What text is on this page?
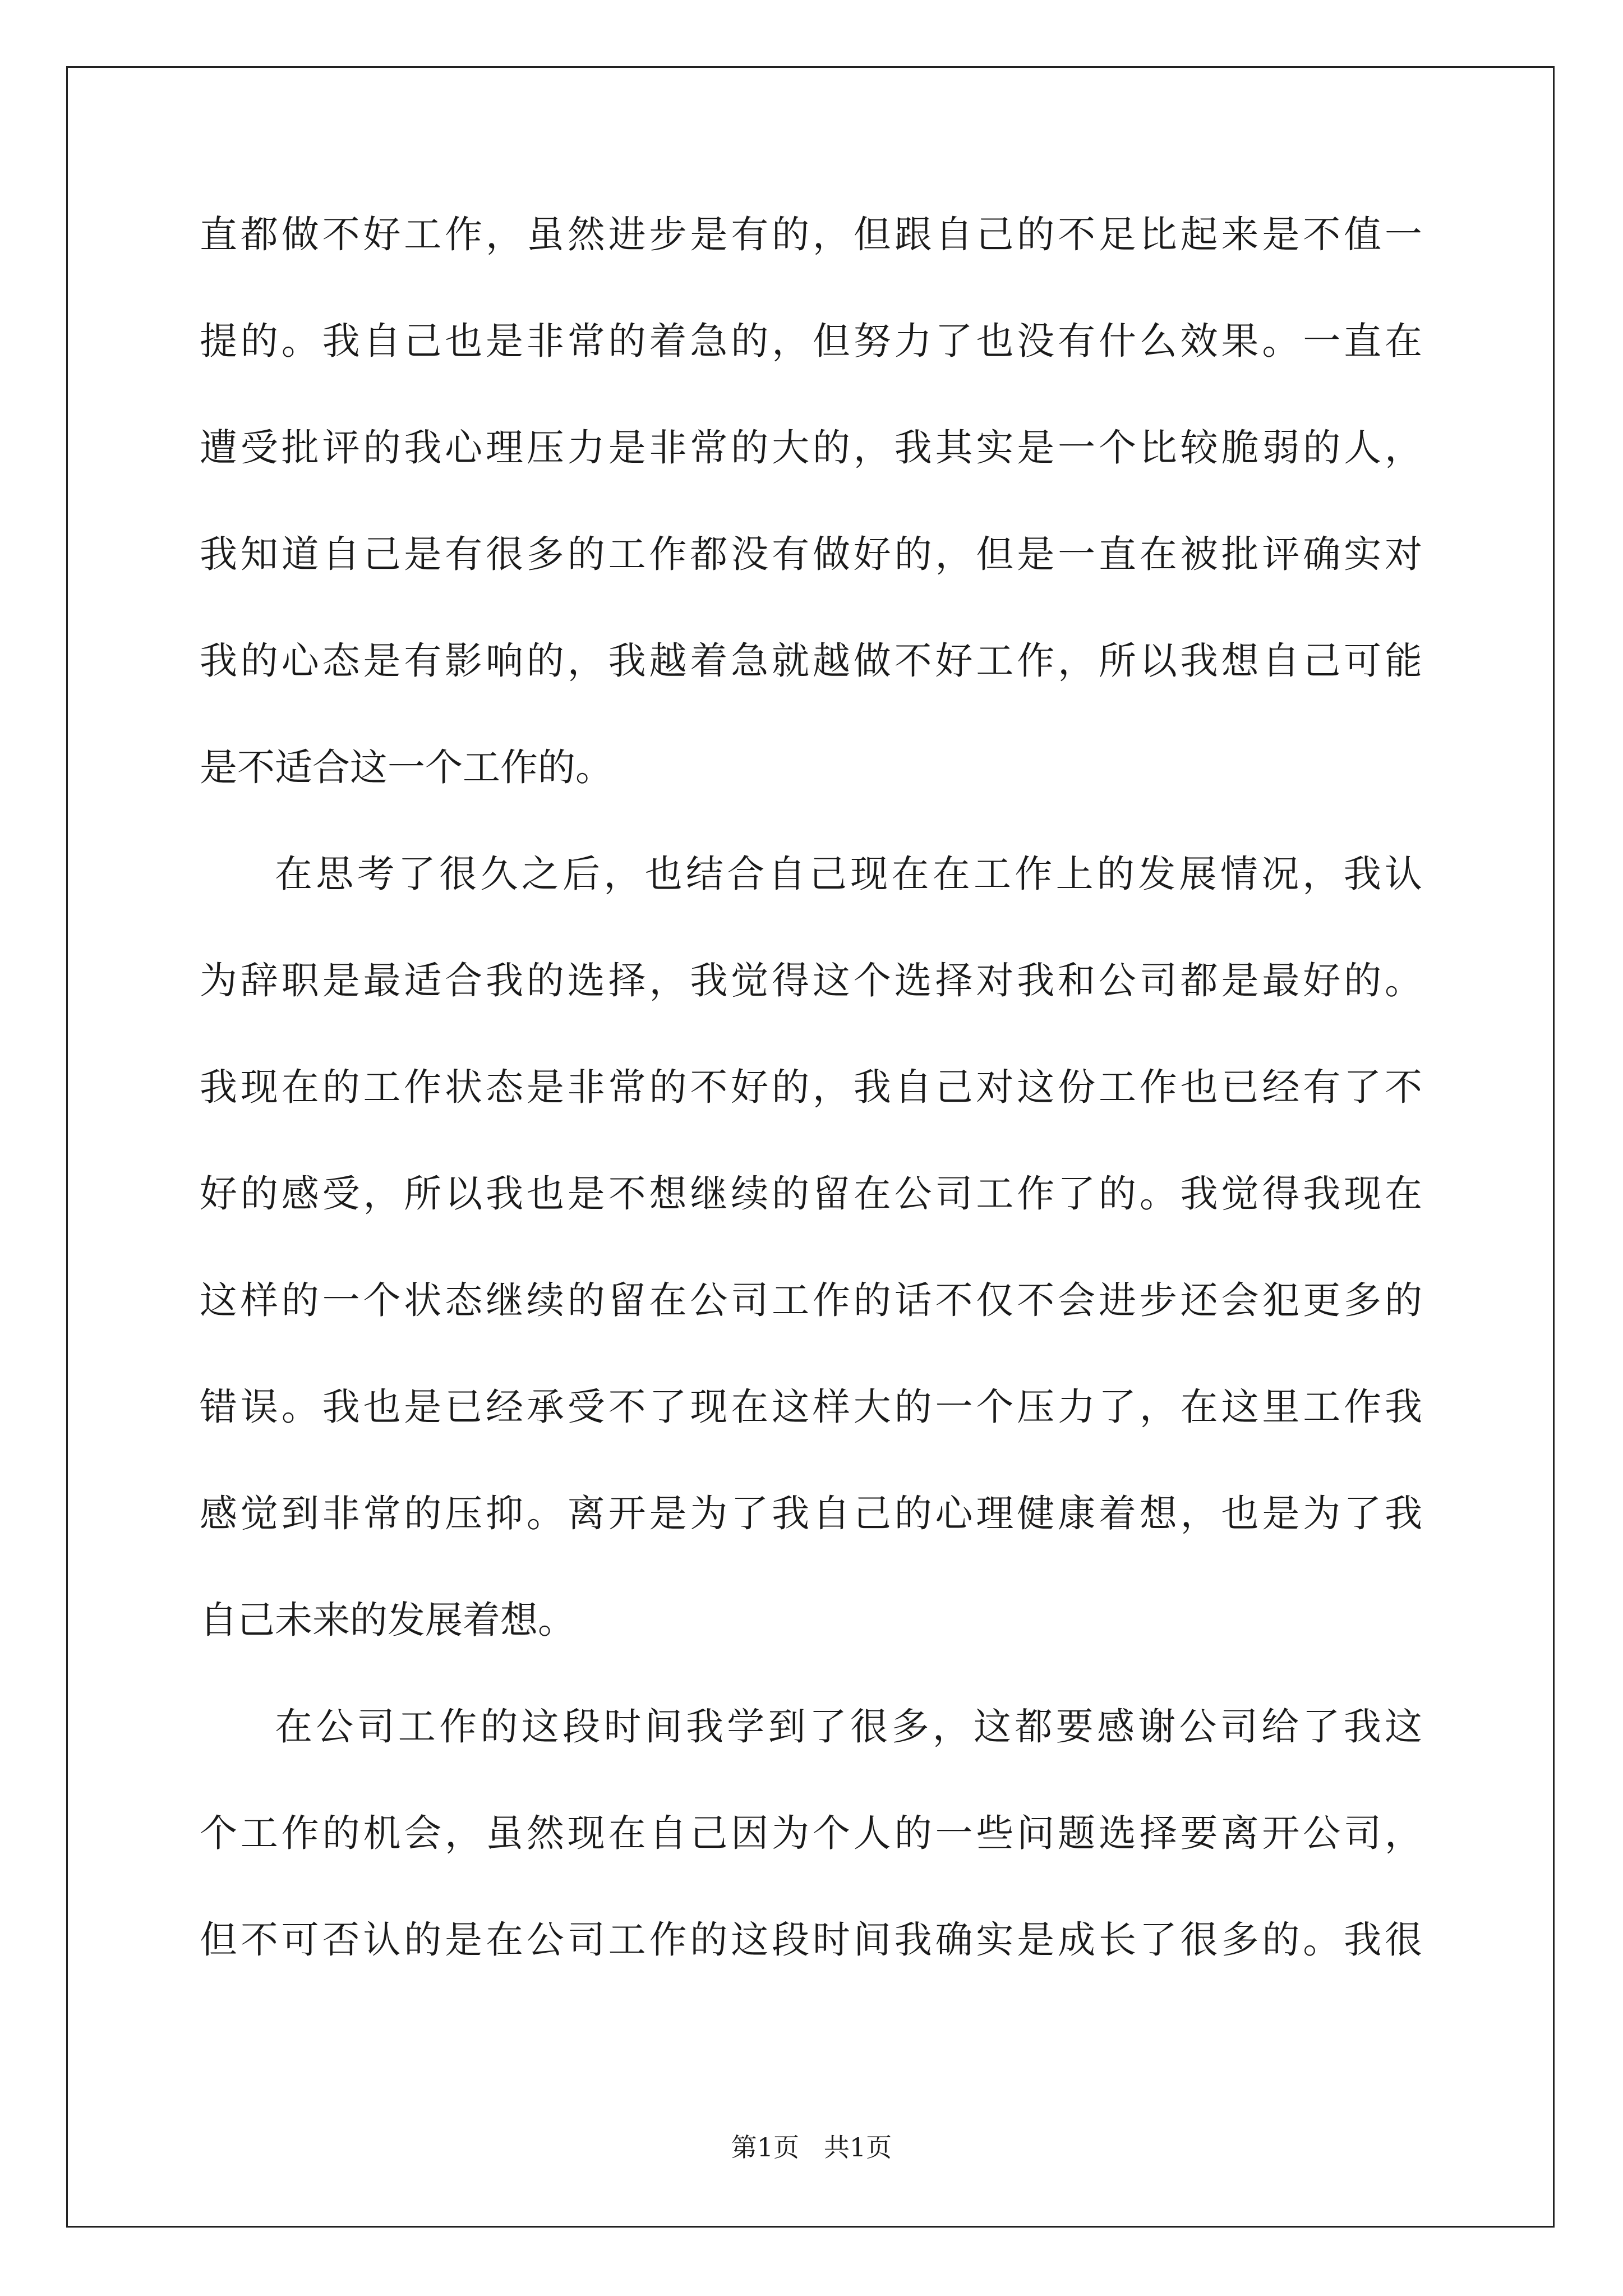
直都做不好工作，虽然进步是有的，但跟自己的不足比起来是不值一
提的。我自己也是非常的着急的，但努力了也没有什么效果。一直在
遭受批评的我心理压力是非常的大的，我其实是一个比较脆弱的人，
我知道自己是有很多的工作都没有做好的，但是一直在被批评确实对
我的心态是有影响的，我越着急就越做不好工作，所以我想自己可能
是不适合这一个工作的。
在思考了很久之后，也结合自己现在在工作上的发展情况，我认
为辞职是最适合我的选择，我觉得这个选择对我和公司都是最好的。
我现在的工作状态是非常的不好的，我自己对这份工作也已经有了不
好的感受，所以我也是不想继续的留在公司工作了的。我觉得我现在
这样的一个状态继续的留在公司工作的话不仅不会进步还会犯更多的
错误。我也是已经承受不了现在这样大的一个压力了，在这里工作我
感觉到非常的压抑。离开是为了我自己的心理健康着想，也是为了我
自己未来的发展着想。
在公司工作的这段时间我学到了很多，这都要感谢公司给了我这
个工作的机会，虽然现在自己因为个人的一些问题选择要离开公司，
但不可否认的是在公司工作的这段时间我确实是成长了很多的。我很
第1页   共1页
